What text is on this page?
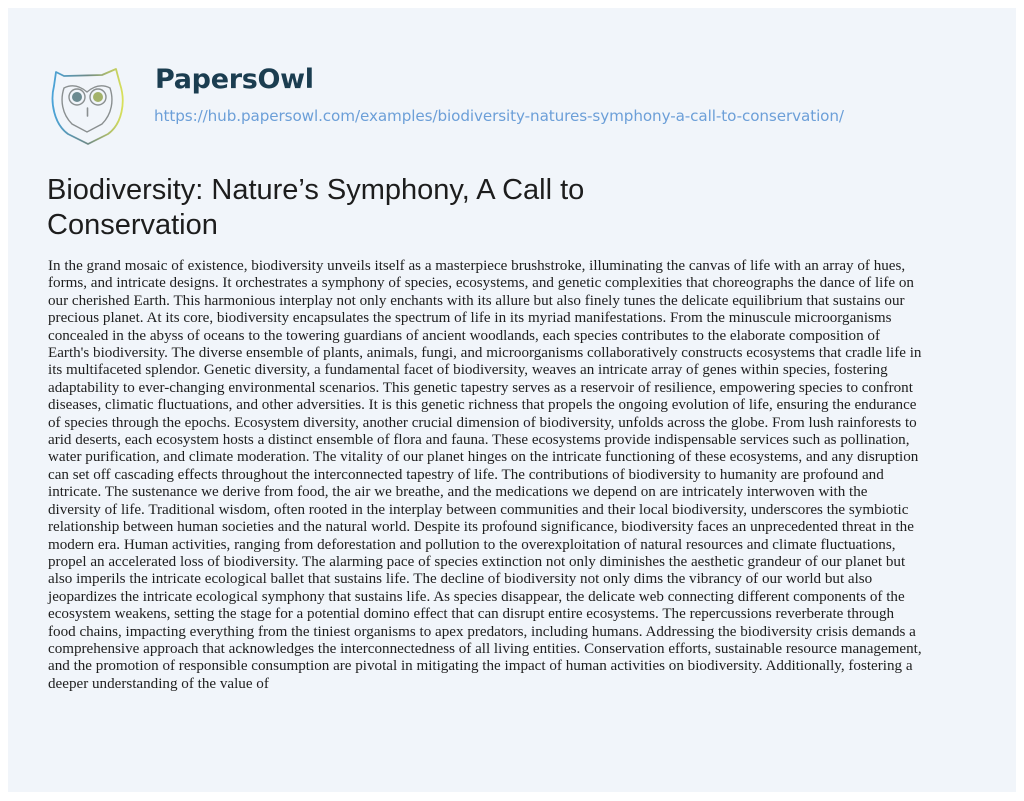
PapersOwl
https://hub.papersowl.com/examples/biodiversity-natures-symphony-a-call-to-conservation/
Biodiversity: Nature’s Symphony, A Call to
Conservation
In the grand mosaic of existence, biodiversity unveils itself as a masterpiece brushstroke, illuminating the canvas of life with an array of hues,
forms, and intricate designs. It orchestrates a symphony of species, ecosystems, and genetic complexities that choreographs the dance of life on
our cherished Earth. This harmonious interplay not only enchants with its allure but also finely tunes the delicate equilibrium that sustains our
precious planet. At its core, biodiversity encapsulates the spectrum of life in its myriad manifestations. From the minuscule microorganisms
concealed in the abyss of oceans to the towering guardians of ancient woodlands, each species contributes to the elaborate composition of
Earth's biodiversity. The diverse ensemble of plants, animals, fungi, and microorganisms collaboratively constructs ecosystems that cradle life in
its multifaceted splendor. Genetic diversity, a fundamental facet of biodiversity, weaves an intricate array of genes within species, fostering
adaptability to ever-changing environmental scenarios. This genetic tapestry serves as a reservoir of resilience, empowering species to confront
diseases, climatic fluctuations, and other adversities. It is this genetic richness that propels the ongoing evolution of life, ensuring the endurance
of species through the epochs. Ecosystem diversity, another crucial dimension of biodiversity, unfolds across the globe. From lush rainforests to
arid deserts, each ecosystem hosts a distinct ensemble of flora and fauna. These ecosystems provide indispensable services such as pollination,
water purification, and climate moderation. The vitality of our planet hinges on the intricate functioning of these ecosystems, and any disruption
can set off cascading effects throughout the interconnected tapestry of life. The contributions of biodiversity to humanity are profound and
intricate. The sustenance we derive from food, the air we breathe, and the medications we depend on are intricately interwoven with the
diversity of life. Traditional wisdom, often rooted in the interplay between communities and their local biodiversity, underscores the symbiotic
relationship between human societies and the natural world. Despite its profound significance, biodiversity faces an unprecedented threat in the
modern era. Human activities, ranging from deforestation and pollution to the overexploitation of natural resources and climate fluctuations,
propel an accelerated loss of biodiversity. The alarming pace of species extinction not only diminishes the aesthetic grandeur of our planet but
also imperils the intricate ecological ballet that sustains life. The decline of biodiversity not only dims the vibrancy of our world but also
jeopardizes the intricate ecological symphony that sustains life. As species disappear, the delicate web connecting different components of the
ecosystem weakens, setting the stage for a potential domino effect that can disrupt entire ecosystems. The repercussions reverberate through
food chains, impacting everything from the tiniest organisms to apex predators, including humans. Addressing the biodiversity crisis demands a
comprehensive approach that acknowledges the interconnectedness of all living entities. Conservation efforts, sustainable resource management,
and the promotion of responsible consumption are pivotal in mitigating the impact of human activities on biodiversity. Additionally, fostering a
deeper understanding of the value of
